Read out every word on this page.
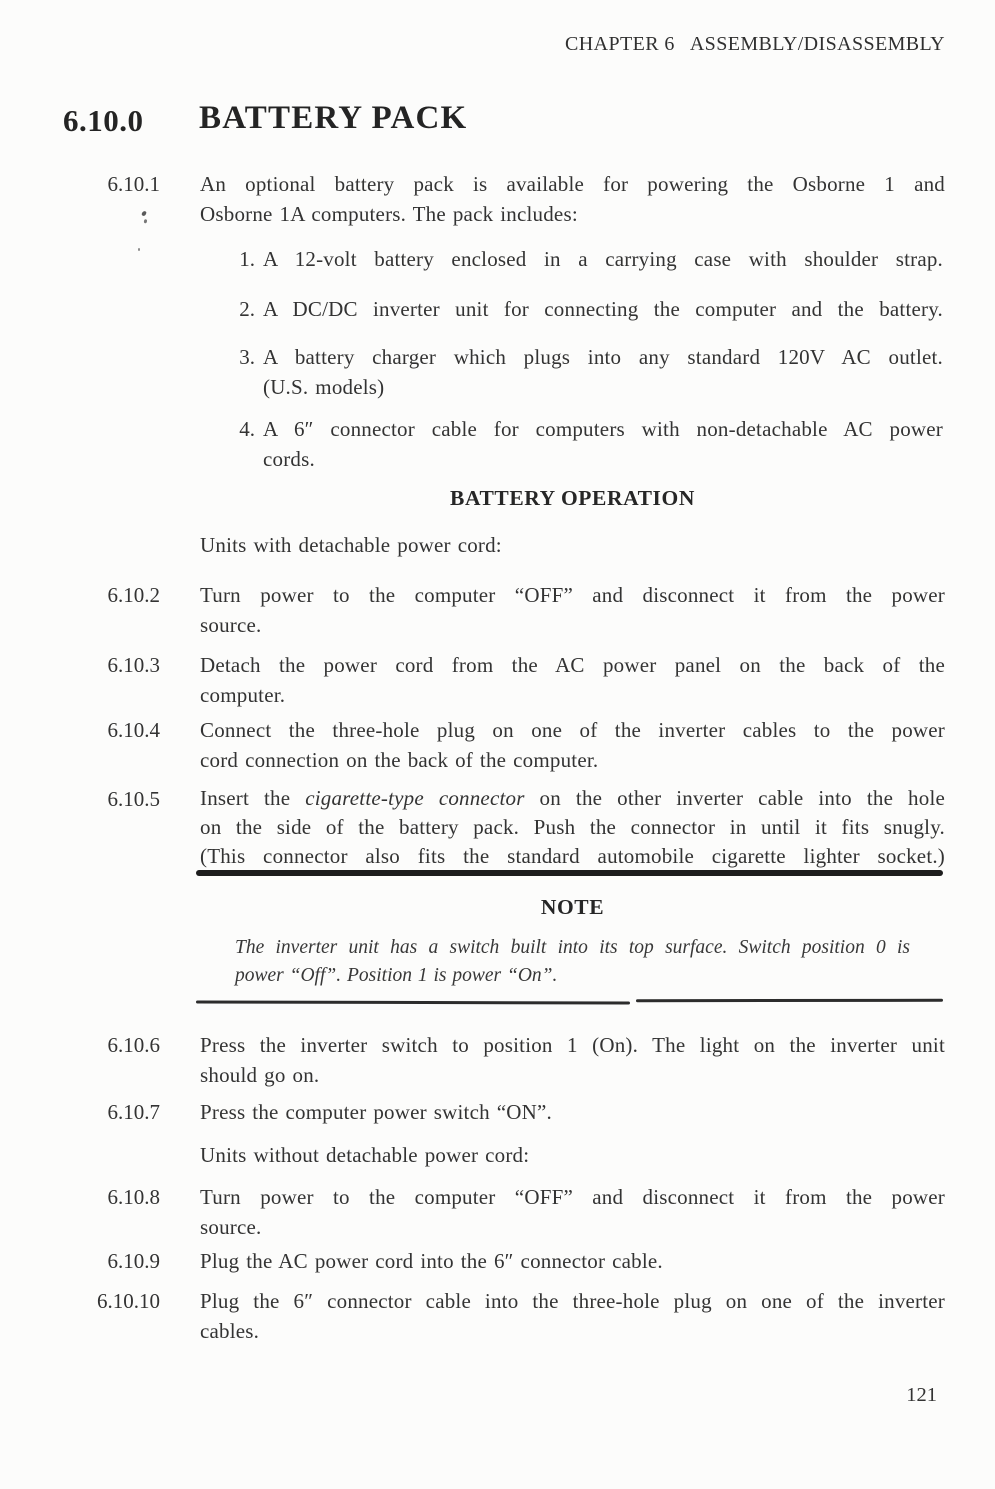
CHAPTER 6   ASSEMBLY/DISASSEMBLY
6.10.0 BATTERY PACK
6.10.1 An optional battery pack is available for powering the Osborne 1 and
Osborne 1A computers. The pack includes:
1. A 12-volt battery enclosed in a carrying case with shoulder strap.
2. A DC/DC inverter unit for connecting the computer and the battery.
3. A battery charger which plugs into any standard 120V AC outlet.
(U.S. models)
4. A 6″ connector cable for computers with non-detachable AC power
cords.
BATTERY OPERATION
Units with detachable power cord:
6.10.2 Turn power to the computer “OFF” and disconnect it from the power
source.
6.10.3 Detach the power cord from the AC power panel on the back of the
computer.
6.10.4 Connect the three-hole plug on one of the inverter cables to the power
cord connection on the back of the computer.
6.10.5 Insert the cigarette-type connector on the other inverter cable into the hole
on the side of the battery pack. Push the connector in until it fits snugly.
(This connector also fits the standard automobile cigarette lighter socket.)
NOTE
The inverter unit has a switch built into its top surface. Switch position 0 is
power “Off”. Position 1 is power “On”.
6.10.6 Press the inverter switch to position 1 (On). The light on the inverter unit
should go on.
6.10.7 Press the computer power switch “ON”.
Units without detachable power cord:
6.10.8 Turn power to the computer “OFF” and disconnect it from the power
source.
6.10.9 Plug the AC power cord into the 6″ connector cable.
6.10.10 Plug the 6″ connector cable into the three-hole plug on one of the inverter
cables.
121
